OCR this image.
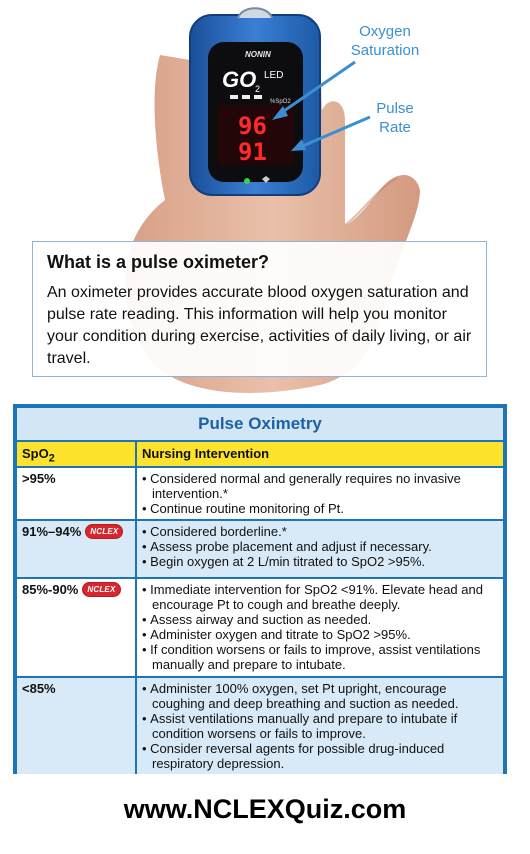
NONIN
GO
2
LED
%SpO2
96
91
Oxygen
Saturation
Pulse
Rate

What is a pulse oximeter?

An oximeter provides accurate blood oxygen saturation and pulse rate reading. This information will help you monitor your condition during exercise, activities of daily living, or air travel.

Pulse Oximetry
SpO$_2$	Nursing Intervention
>95%	• Considered normal and generally requires no invasive intervention.*
• Continue routine monitoring of Pt.
91%–94%	NCLEX	• Considered borderline.*
• Assess probe placement and adjust if necessary.
• Begin oxygen at 2 L/min titrated to SpO2 >95%.
85%-90%	NCLEX	• Immediate intervention for SpO2 <91%. Elevate head and encourage Pt to cough and breathe deeply.
• Assess airway and suction as needed.
• Administer oxygen and titrate to SpO2 >95%.
• If condition worsens or fails to improve, assist ventilations manually and prepare to intubate.
<85%	• Administer 100% oxygen, set Pt upright, encourage coughing and deep breathing and suction as needed.
• Assist ventilations manually and prepare to intubate if condition worsens or fails to improve.
• Consider reversal agents for possible drug-induced respiratory depression.
www.NCLEXQuiz.com
